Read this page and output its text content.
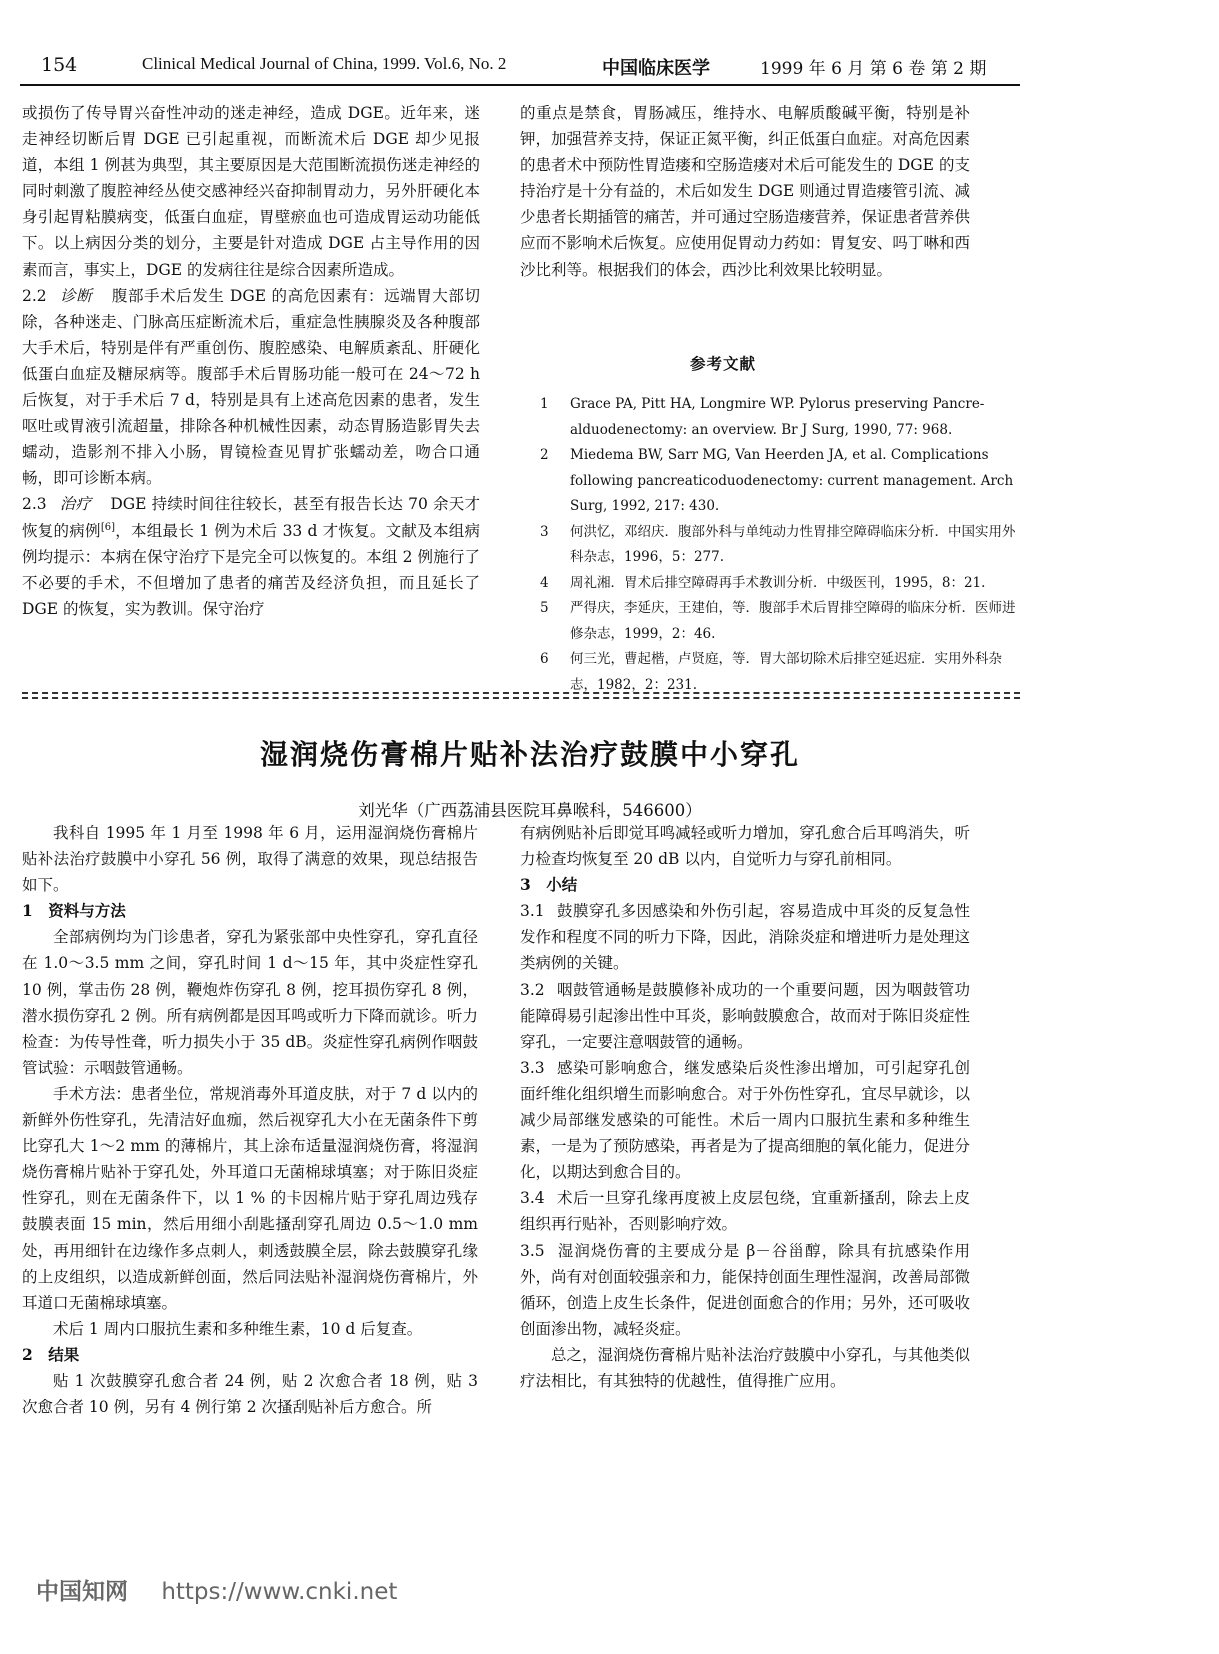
154	Clinical Medical Journal of China, 1999. Vol.6, No. 2	中国临床医学	1999 年 6 月 第 6 卷 第 2 期

或损伤了传导胃兴奋性冲动的迷走神经，造成 DGE。近年来，迷走神经切断后胃 DGE 已引起重视，而断流术后 DGE 却少见报道，本组 1 例甚为典型，其主要原因是大范围断流损伤迷走神经的同时刺激了腹腔神经丛使交感神经兴奋抑制胃动力，另外肝硬化本身引起胃粘膜病变，低蛋白血症，胃壁瘀血也可造成胃运动功能低下。以上病因分类的划分，主要是针对造成 DGE 占主导作用的因素而言，事实上，DGE 的发病往往是综合因素所造成。

2.2 诊断 腹部手术后发生 DGE 的高危因素有：远端胃大部切除，各种迷走、门脉高压症断流术后，重症急性胰腺炎及各种腹部大手术后，特别是伴有严重创伤、腹腔感染、电解质紊乱、肝硬化低蛋白血症及糖尿病等。腹部手术后胃肠功能一般可在 24～72 h 后恢复，对于手术后 7 d，特别是具有上述高危因素的患者，发生呕吐或胃液引流超量，排除各种机械性因素，动态胃肠造影胃失去蠕动，造影剂不排入小肠，胃镜检查见胃扩张蠕动差，吻合口通畅，即可诊断本病。

2.3 治疗 DGE 持续时间往往较长，甚至有报告长达 70 余天才恢复的病例[6]，本组最长 1 例为术后 33 d 才恢复。文献及本组病例均提示：本病在保守治疗下是完全可以恢复的。本组 2 例施行了不必要的手术，不但增加了患者的痛苦及经济负担，而且延长了 DGE 的恢复，实为教训。保守治疗

的重点是禁食，胃肠减压，维持水、电解质酸碱平衡，特别是补钾，加强营养支持，保证正氮平衡，纠正低蛋白血症。对高危因素的患者术中预防性胃造瘘和空肠造瘘对术后可能发生的 DGE 的支持治疗是十分有益的，术后如发生 DGE 则通过胃造瘘管引流、减少患者长期插管的痛苦，并可通过空肠造瘘营养，保证患者营养供应而不影响术后恢复。应使用促胃动力药如：胃复安、吗丁啉和西沙比利等。根据我们的体会，西沙比利效果比较明显。

参考文献
1 Grace PA, Pitt HA, Longmire WP. Pylorus preserving Pancre-alduodenectomy: an overview. Br J Surg, 1990, 77: 968.
2 Miedema BW, Sarr MG, Van Heerden JA, et al. Complications following pancreaticoduodenectomy: current management. Arch Surg, 1992, 217: 430.
3 何洪忆，邓绍庆．腹部外科与单纯动力性胃排空障碍临床分析．中国实用外科杂志，1996，5：277.
4 周礼湘．胃术后排空障碍再手术教训分析．中级医刊，1995，8：21.
5 严得庆，李延庆，王建伯，等．腹部手术后胃排空障碍的临床分析．医师进修杂志，1999，2：46.
6 何三光，曹起楷，卢贤庭，等．胃大部切除术后排空延迟症．实用外科杂志，1982，2：231.
湿润烧伤膏棉片贴补法治疗鼓膜中小穿孔
刘光华（广西荔浦县医院耳鼻喉科，546600）

我科自 1995 年 1 月至 1998 年 6 月，运用湿润烧伤膏棉片贴补法治疗鼓膜中小穿孔 56 例，取得了满意的效果，现总结报告如下。

1　资料与方法

全部病例均为门诊患者，穿孔为紧张部中央性穿孔，穿孔直径在 1.0～3.5 mm 之间，穿孔时间 1 d～15 年，其中炎症性穿孔 10 例，掌击伤 28 例，鞭炮炸伤穿孔 8 例，挖耳损伤穿孔 8 例，潜水损伤穿孔 2 例。所有病例都是因耳鸣或听力下降而就诊。听力检查：为传导性聋，听力损失小于 35 dB。炎症性穿孔病例作咽鼓管试验：示咽鼓管通畅。

手术方法：患者坐位，常规消毒外耳道皮肤，对于 7 d 以内的新鲜外伤性穿孔，先清洁好血痂，然后视穿孔大小在无菌条件下剪比穿孔大 1～2 mm 的薄棉片，其上涂布适量湿润烧伤膏，将湿润烧伤膏棉片贴补于穿孔处，外耳道口无菌棉球填塞；对于陈旧炎症性穿孔，则在无菌条件下，以 1 % 的卡因棉片贴于穿孔周边残存鼓膜表面 15 min，然后用细小刮匙搔刮穿孔周边 0.5～1.0 mm 处，再用细针在边缘作多点刺人，刺透鼓膜全层，除去鼓膜穿孔缘的上皮组织，以造成新鲜创面，然后同法贴补湿润烧伤膏棉片，外耳道口无菌棉球填塞。

术后 1 周内口服抗生素和多种维生素，10 d 后复查。

2　结果

贴 1 次鼓膜穿孔愈合者 24 例，贴 2 次愈合者 18 例，贴 3 次愈合者 10 例，另有 4 例行第 2 次搔刮贴补后方愈合。所

有病例贴补后即觉耳鸣减轻或听力增加，穿孔愈合后耳鸣消失，听力检查均恢复至 20 dB 以内，自觉听力与穿孔前相同。

3　小结

3.1 鼓膜穿孔多因感染和外伤引起，容易造成中耳炎的反复急性发作和程度不同的听力下降，因此，消除炎症和增进听力是处理这类病例的关键。

3.2 咽鼓管通畅是鼓膜修补成功的一个重要问题，因为咽鼓管功能障碍易引起渗出性中耳炎，影响鼓膜愈合，故而对于陈旧炎症性穿孔，一定要注意咽鼓管的通畅。

3.3 感染可影响愈合，继发感染后炎性渗出增加，可引起穿孔创面纤维化组织增生而影响愈合。对于外伤性穿孔，宜尽早就诊，以减少局部继发感染的可能性。术后一周内口服抗生素和多种维生素，一是为了预防感染，再者是为了提高细胞的氧化能力，促进分化，以期达到愈合目的。

3.4 术后一旦穿孔缘再度被上皮层包绕，宜重新搔刮，除去上皮组织再行贴补，否则影响疗效。

3.5 湿润烧伤膏的主要成分是 β－谷甾醇，除具有抗感染作用外，尚有对创面较强亲和力，能保持创面生理性湿润，改善局部微循环，创造上皮生长条件，促进创面愈合的作用；另外，还可吸收创面渗出物，减轻炎症。

总之，湿润烧伤膏棉片贴补法治疗鼓膜中小穿孔，与其他类似疗法相比，有其独特的优越性，值得推广应用。

中国知网 https://www.cnki.net
